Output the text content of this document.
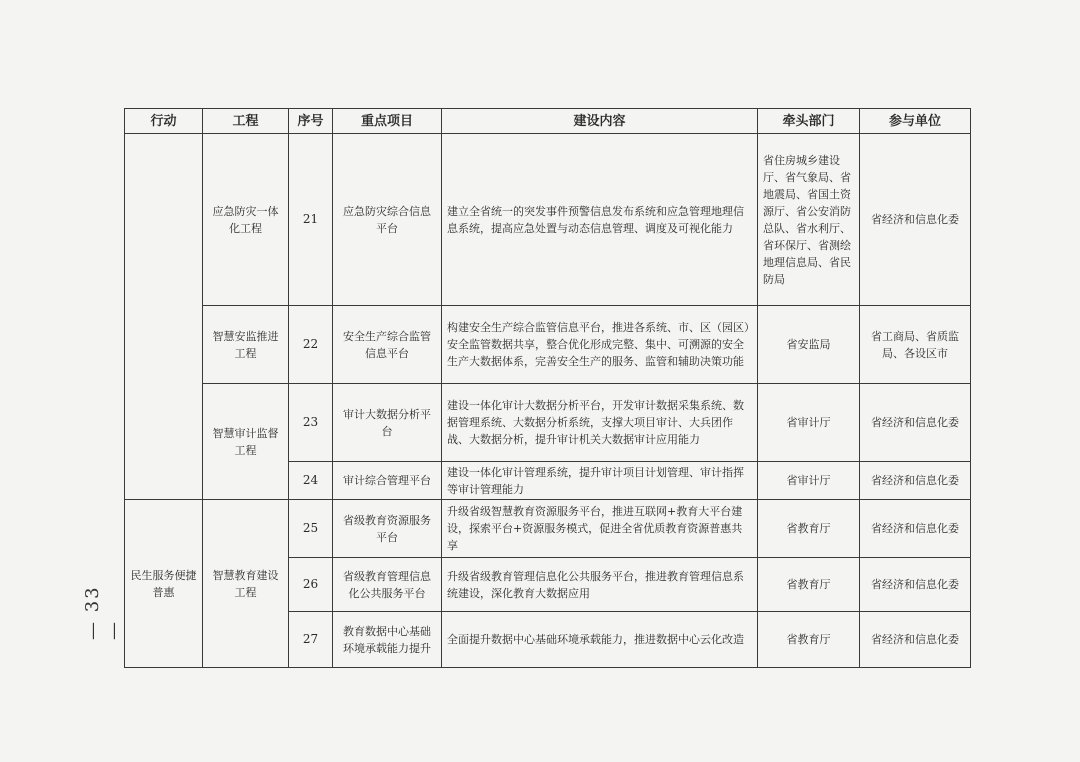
— 33 —
行动	工程	序号	重点项目	建设内容	牵头部门	参与单位
	应急防灾一体化工程	21	应急防灾综合信息平台	建立全省统一的突发事件预警信息发布系统和应急管理地理信息系统，提高应急处置与动态信息管理、调度及可视化能力	省住房城乡建设厅、省气象局、省地震局、省国土资源厅、省公安消防总队、省水利厅、省环保厅、省测绘地理信息局、省民防局	省经济和信息化委
	智慧安监推进工程	22	安全生产综合监管信息平台	构建安全生产综合监管信息平台，推进各系统、市、区（园区）安全监管数据共享，整合优化形成完整、集中、可溯源的安全生产大数据体系，完善安全生产的服务、监管和辅助决策功能	省安监局	省工商局、省质监局、各设区市
	智慧审计监督工程	23	审计大数据分析平台	建设一体化审计大数据分析平台，开发审计数据采集系统、数据管理系统、大数据分析系统，支撑大项目审计、大兵团作战、大数据分析，提升审计机关大数据审计应用能力	省审计厅	省经济和信息化委
		24	审计综合管理平台	建设一体化审计管理系统，提升审计项目计划管理、审计指挥等审计管理能力	省审计厅	省经济和信息化委
民生服务便捷普惠	智慧教育建设工程	25	省级教育资源服务平台	升级省级智慧教育资源服务平台，推进互联网+教育大平台建设，探索平台+资源服务模式，促进全省优质教育资源普惠共享	省教育厅	省经济和信息化委
		26	省级教育管理信息化公共服务平台	升级省级教育管理信息化公共服务平台，推进教育管理信息系统建设，深化教育大数据应用	省教育厅	省经济和信息化委
		27	教育数据中心基础环境承载能力提升	全面提升数据中心基础环境承载能力，推进数据中心云化改造	省教育厅	省经济和信息化委
